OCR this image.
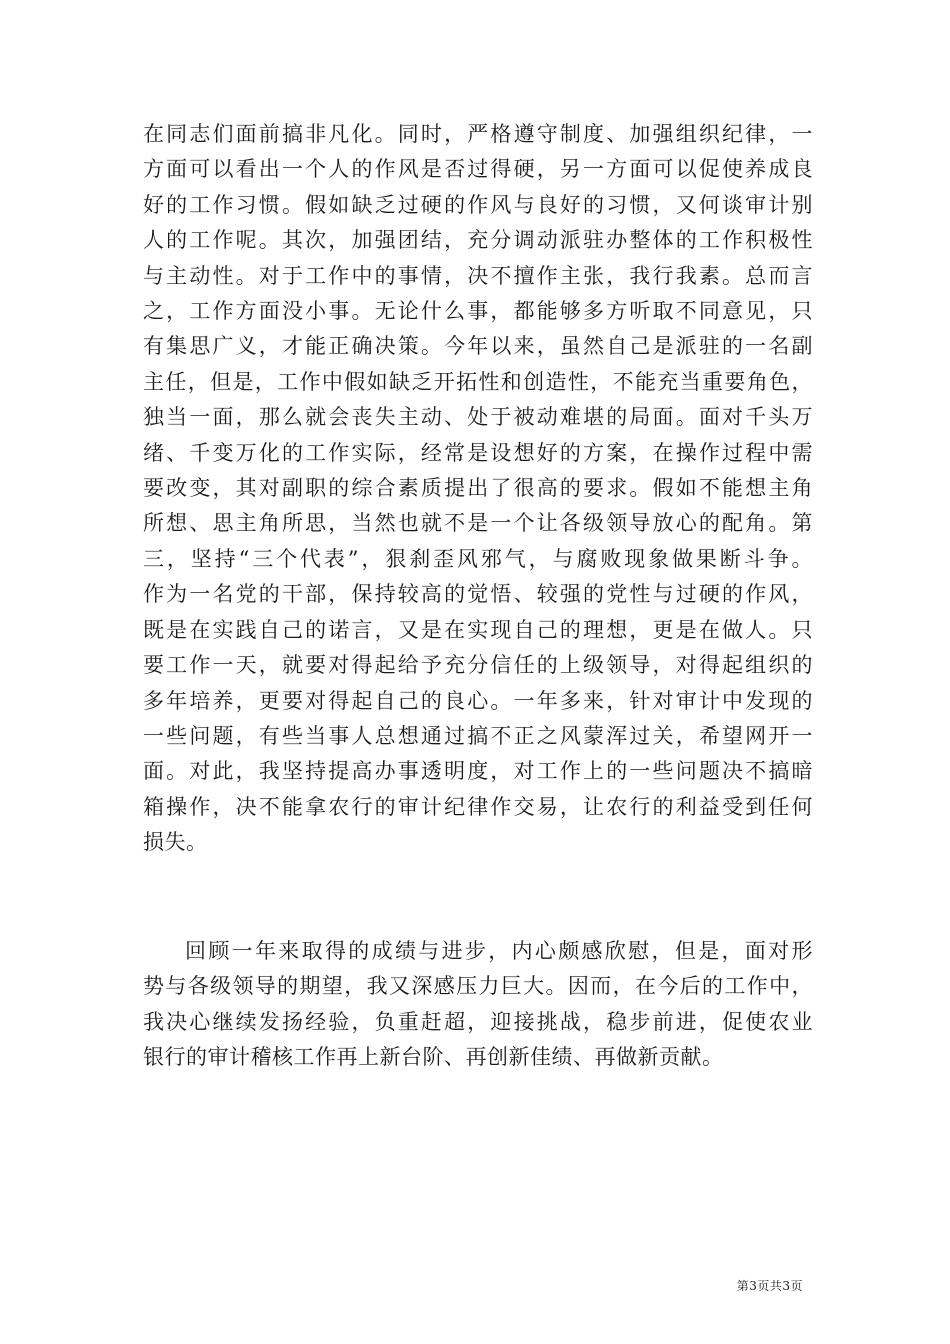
在同志们面前搞非凡化。同时，严格遵守制度、加强组织纪律，一
方面可以看出一个人的作风是否过得硬，另一方面可以促使养成良
好的工作习惯。假如缺乏过硬的作风与良好的习惯，又何谈审计别
人的工作呢。其次，加强团结，充分调动派驻办整体的工作积极性
与主动性。对于工作中的事情，决不擅作主张，我行我素。总而言
之，工作方面没小事。无论什么事，都能够多方听取不同意见，只
有集思广义，才能正确决策。今年以来，虽然自己是派驻的一名副
主任，但是，工作中假如缺乏开拓性和创造性，不能充当重要角色，
独当一面，那么就会丧失主动、处于被动难堪的局面。面对千头万
绪、千变万化的工作实际，经常是设想好的方案，在操作过程中需
要改变，其对副职的综合素质提出了很高的要求。假如不能想主角
所想、思主角所思，当然也就不是一个让各级领导放心的配角。第
三，坚持“三个代表”，狠刹歪风邪气，与腐败现象做果断斗争。
作为一名党的干部，保持较高的觉悟、较强的党性与过硬的作风，
既是在实践自己的诺言，又是在实现自己的理想，更是在做人。只
要工作一天，就要对得起给予充分信任的上级领导，对得起组织的
多年培养，更要对得起自己的良心。一年多来，针对审计中发现的
一些问题，有些当事人总想通过搞不正之风蒙浑过关，希望网开一
面。对此，我坚持提高办事透明度，对工作上的一些问题决不搞暗
箱操作，决不能拿农行的审计纪律作交易，让农行的利益受到任何
损失。
回顾一年来取得的成绩与进步，内心颇感欣慰，但是，面对形
势与各级领导的期望，我又深感压力巨大。因而，在今后的工作中，
我决心继续发扬经验，负重赶超，迎接挑战，稳步前进，促使农业
银行的审计稽核工作再上新台阶、再创新佳绩、再做新贡献。
第3页共3页
